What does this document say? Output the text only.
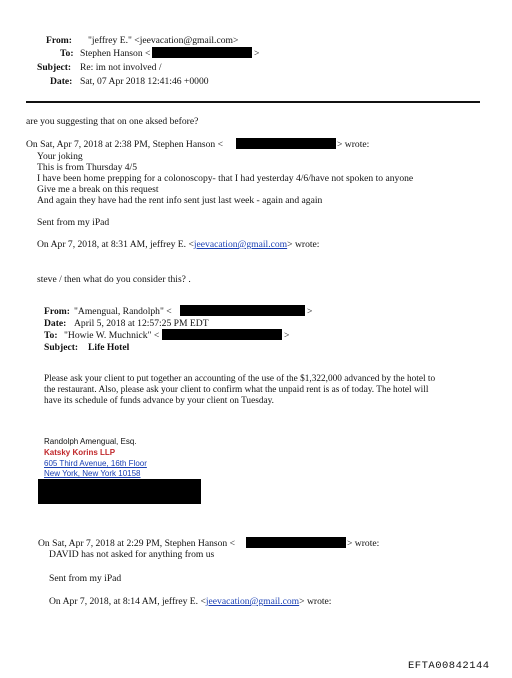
From: "jeffrey E." <jeevacation@gmail.com>
To: Stephen Hanson <	>
Subject: Re: im not involved /
Date: Sat, 07 Apr 2018 12:41:46 +0000
are you suggesting that on one aksed before?
On Sat, Apr 7, 2018 at 2:38 PM, Stephen Hanson <	> wrote:
Your joking
This is from Thursday 4/5
I have been home prepping for a colonoscopy- that I had yesterday 4/6/have not spoken to anyone
Give me a break on this request
And again they have had the rent info sent just last week - again and again
Sent from my iPad
On Apr 7, 2018, at 8:31 AM, jeffrey E. <jeevacation@gmail.com> wrote:
steve / then what do you consider this? .
From: "Amengual, Randolph" <	>
Date: April 5, 2018 at 12:57:25 PM EDT
To: "Howie W. Muchnick" <	>
Subject: Life Hotel
Please ask your client to put together an accounting of the use of the $1,322,000 advanced by the hotel to
the restaurant. Also, please ask your client to confirm what the unpaid rent is as of today. The hotel will
have its schedule of funds advance by your client on Tuesday.
Randolph Amengual, Esq.
Katsky Korins LLP
605 Third Avenue, 16th Floor
New York, New York 10158
On Sat, Apr 7, 2018 at 2:29 PM, Stephen Hanson <	> wrote:
DAVID has not asked for anything from us
Sent from my iPad
On Apr 7, 2018, at 8:14 AM, jeffrey E. <jeevacation@gmail.com> wrote:
EFTA00842144
